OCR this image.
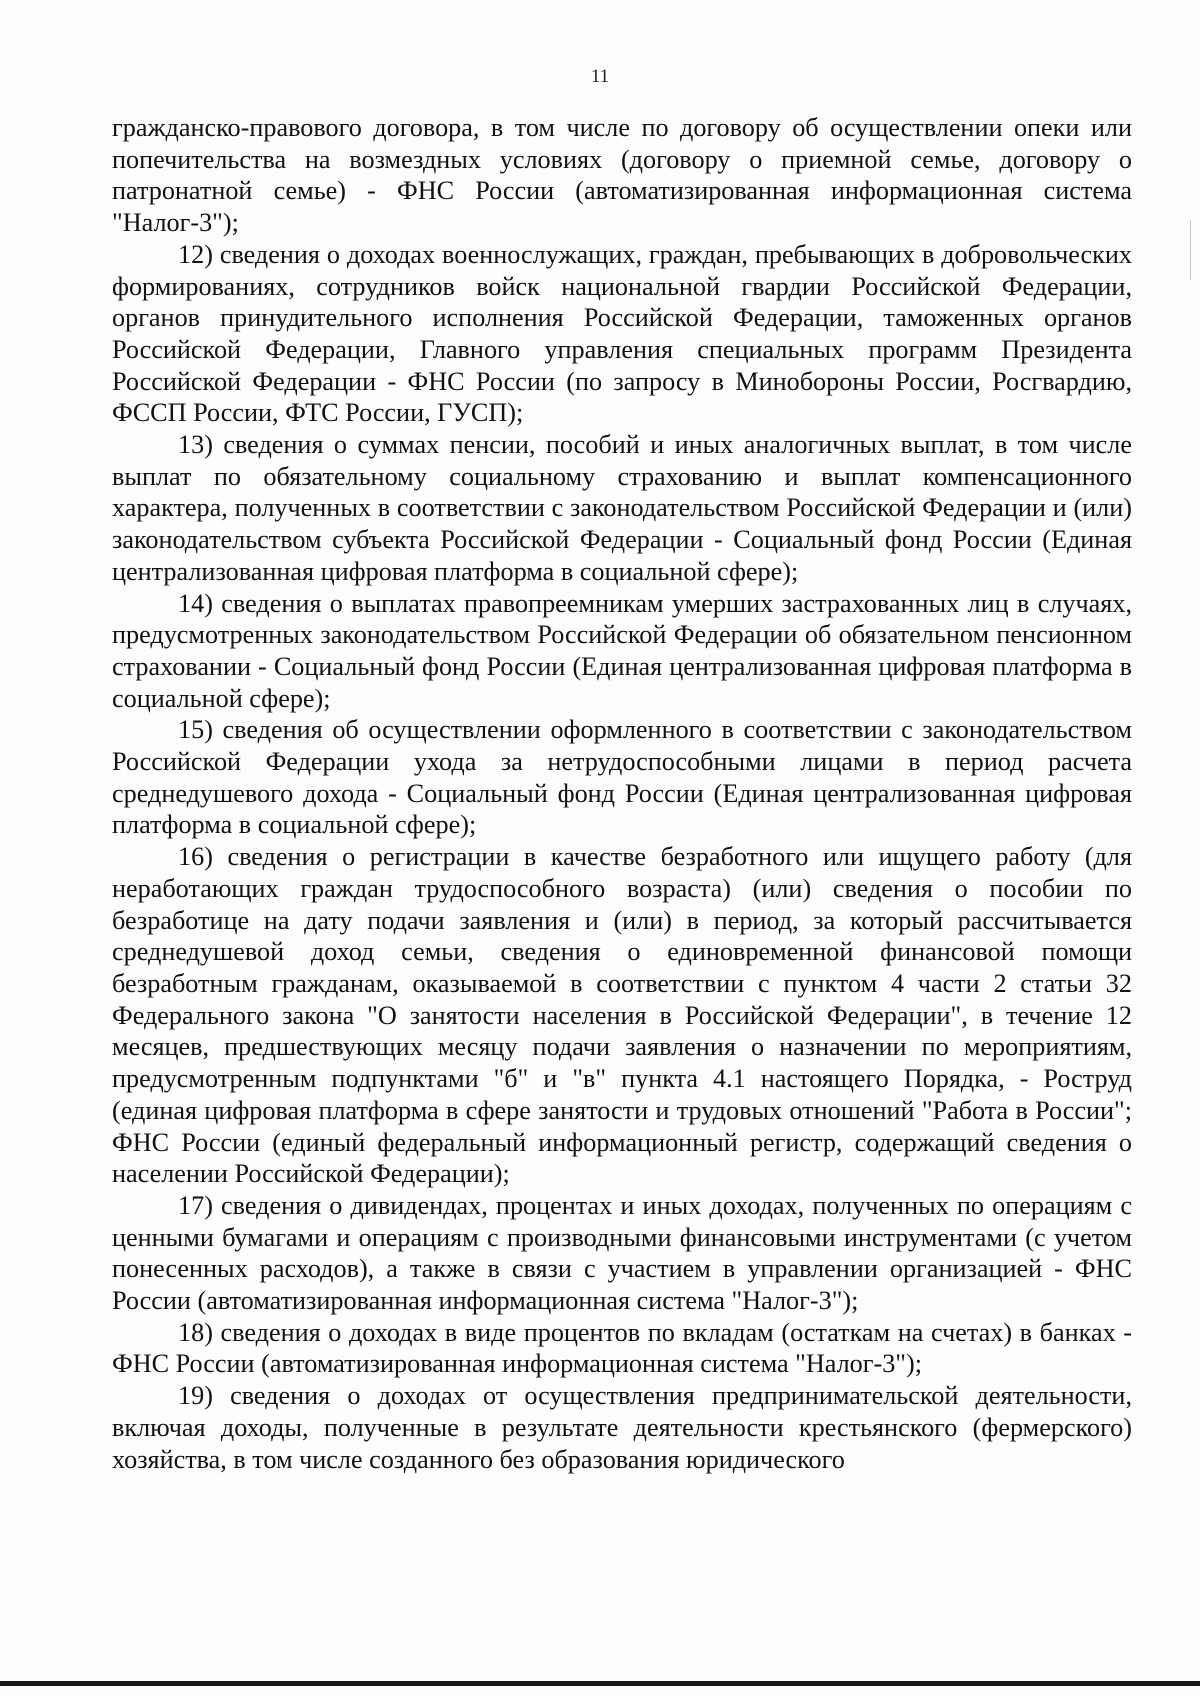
11

гражданско-правового договора, в том числе по договору об осуществлении опеки или попечительства на возмездных условиях (договору о приемной семье, договору о патронатной семье) - ФНС России (автоматизированная информационная система "Налог-3");

12) сведения о доходах военнослужащих, граждан, пребывающих в добровольческих формированиях, сотрудников войск национальной гвардии Российской Федерации, органов принудительного исполнения Российской Федерации, таможенных органов Российской Федерации, Главного управления специальных программ Президента Российской Федерации - ФНС России (по запросу в Минобороны России, Росгвардию, ФССП России, ФТС России, ГУСП);

13) сведения о суммах пенсии, пособий и иных аналогичных выплат, в том числе выплат по обязательному социальному страхованию и выплат компенсационного характера, полученных в соответствии с законодательством Российской Федерации и (или) законодательством субъекта Российской Федерации - Социальный фонд России (Единая централизованная цифровая платформа в социальной сфере);

14) сведения о выплатах правопреемникам умерших застрахованных лиц в случаях, предусмотренных законодательством Российской Федерации об обязательном пенсионном страховании - Социальный фонд России (Единая централизованная цифровая платформа в социальной сфере);

15) сведения об осуществлении оформленного в соответствии с законодательством Российской Федерации ухода за нетрудоспособными лицами в период расчета среднедушевого дохода - Социальный фонд России (Единая централизованная цифровая платформа в социальной сфере);

16) сведения о регистрации в качестве безработного или ищущего работу (для неработающих граждан трудоспособного возраста) (или) сведения о пособии по безработице на дату подачи заявления и (или) в период, за который рассчитывается среднедушевой доход семьи, сведения о единовременной финансовой помощи безработным гражданам, оказываемой в соответствии с пунктом 4 части 2 статьи 32 Федерального закона "О занятости населения в Российской Федерации", в течение 12 месяцев, предшествующих месяцу подачи заявления о назначении по мероприятиям, предусмотренным подпунктами "б" и "в" пункта 4.1 настоящего Порядка, - Роструд (единая цифровая платформа в сфере занятости и трудовых отношений "Работа в России"; ФНС России (единый федеральный информационный регистр, содержащий сведения о населении Российской Федерации);

17) сведения о дивидендах, процентах и иных доходах, полученных по операциям с ценными бумагами и операциям с производными финансовыми инструментами (с учетом понесенных расходов), а также в связи с участием в управлении организацией - ФНС России (автоматизированная информационная система "Налог-3");

18) сведения о доходах в виде процентов по вкладам (остаткам на счетах) в банках - ФНС России (автоматизированная информационная система "Налог-3");

19) сведения о доходах от осуществления предпринимательской деятельности, включая доходы, полученные в результате деятельности крестьянского (фермерского) хозяйства, в том числе созданного без образования юридического
